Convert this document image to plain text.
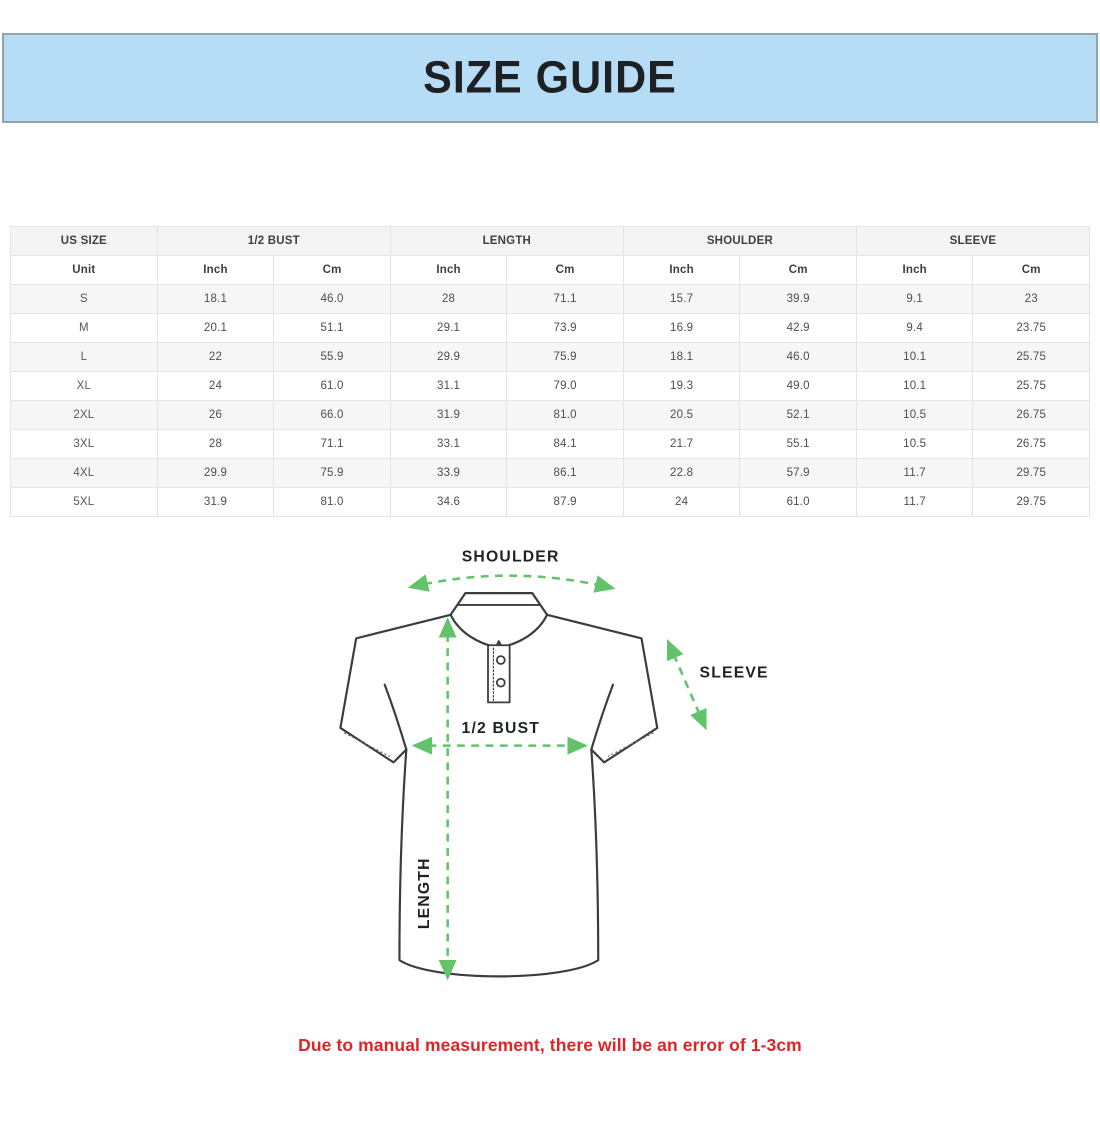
SIZE GUIDE
US SIZE	1/2 BUST		LENGTH		SHOULDER		SLEEVE	
Unit	Inch	Cm	Inch	Cm	Inch	Cm	Inch	Cm
S	18.1	46.0	28	71.1	15.7	39.9	9.1	23
M	20.1	51.1	29.1	73.9	16.9	42.9	9.4	23.75
L	22	55.9	29.9	75.9	18.1	46.0	10.1	25.75
XL	24	61.0	31.1	79.0	19.3	49.0	10.1	25.75
2XL	26	66.0	31.9	81.0	20.5	52.1	10.5	26.75
3XL	28	71.1	33.1	84.1	21.7	55.1	10.5	26.75
4XL	29.9	75.9	33.9	86.1	22.8	57.9	11.7	29.75
5XL	31.9	81.0	34.6	87.9	24	61.0	11.7	29.75
SHOULDER
SLEEVE
1/2 BUST
LENGTH

Due to manual measurement, there will be an error of 1-3cm
